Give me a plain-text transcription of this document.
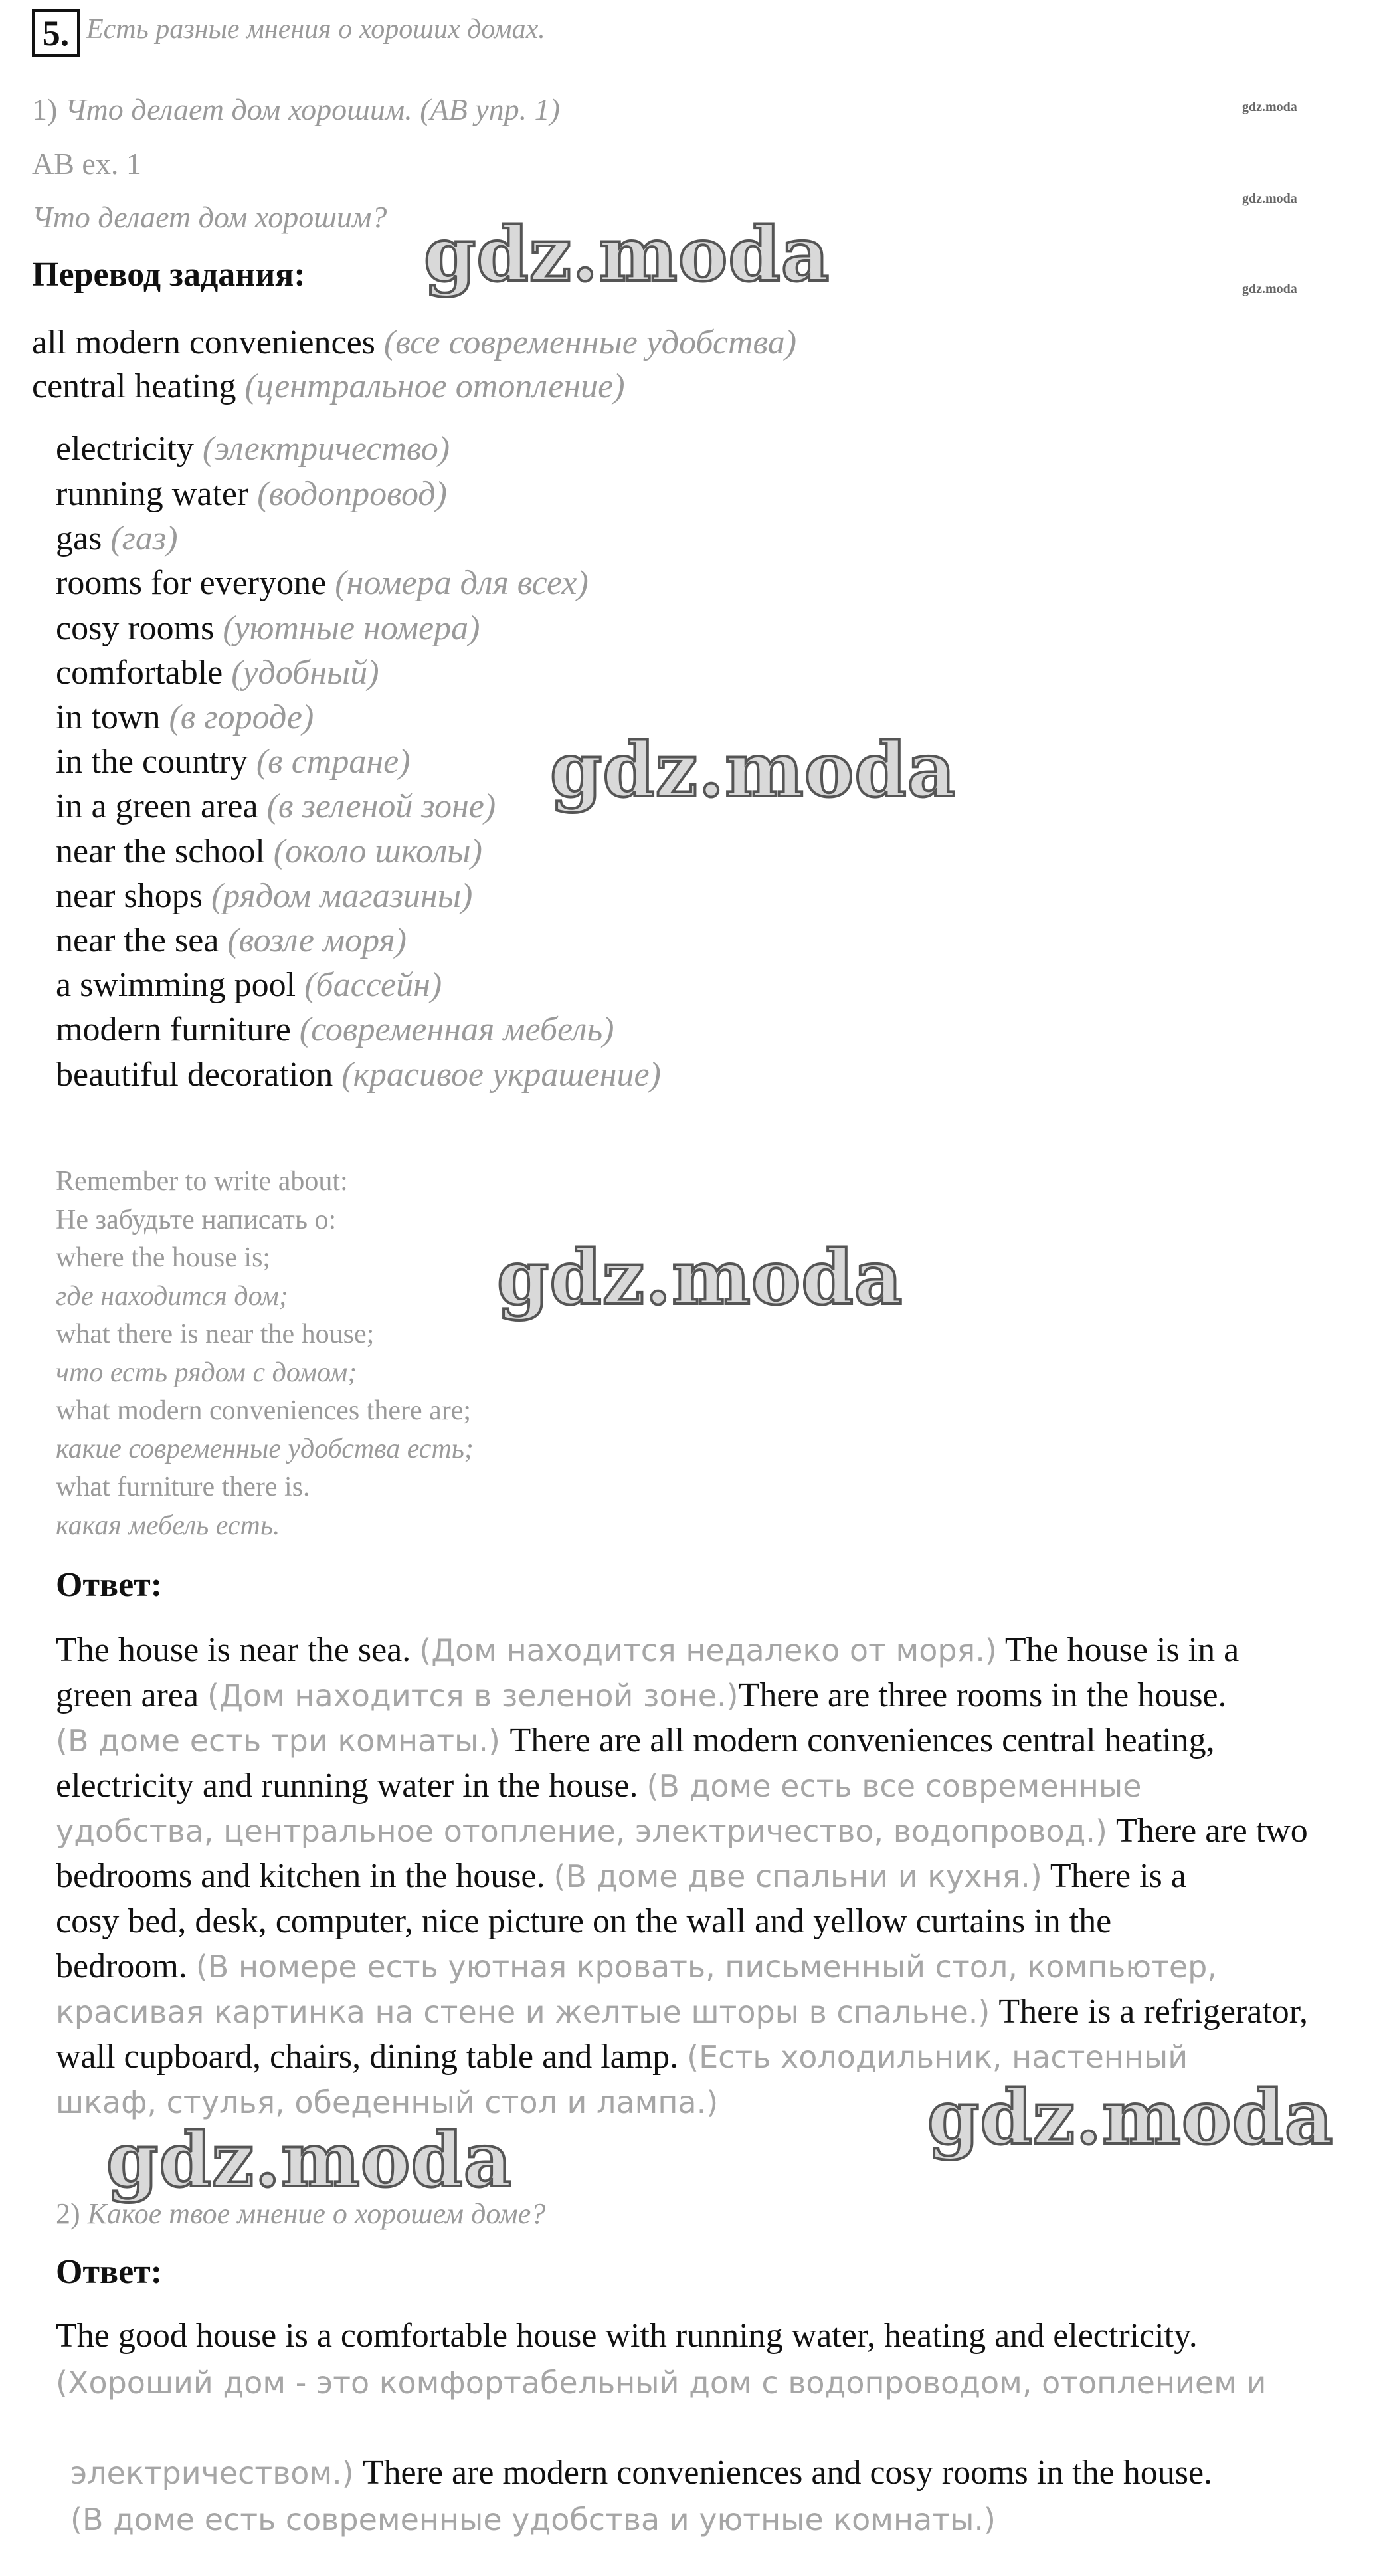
5. Есть разные мнения о хороших домах.
1) Что делает дом хорошим. (AB упр. 1)
AB ex. 1
Что делает дом хорошим?
Перевод задания:
all modern conveniences (все современные удобства)
central heating (центральное отопление)
electricity (электричество)
running water (водопровод)
gas (газ)
rooms for everyone (номера для всех)
cosy rooms (уютные номера)
comfortable (удобный)
in town (в городе)
in the country (в стране)
in a green area (в зеленой зоне)
near the school (около школы)
near shops (рядом магазины)
near the sea (возле моря)
a swimming pool (бассейн)
modern furniture (современная мебель)
beautiful decoration (красивое украшение)
Remember to write about:
Не забудьте написать о:
where the house is;
где находится дом;
what there is near the house;
что есть рядом с домом;
what modern conveniences there are;
какие современные удобства есть;
what furniture there is.
какая мебель есть.
Ответ:
The house is near the sea. (Дом находится недалеко от моря.) The house is in a
green area (Дом находится в зеленой зоне.)There are three rooms in the house.
(В доме есть три комнаты.) There are all modern conveniences central heating,
electricity and running water in the house. (В доме есть все современные
удобства, центральное отопление, электричество, водопровод.) There are two
bedrooms and kitchen in the house. (В доме две спальни и кухня.) There is a
cosy bed, desk, computer, nice picture on the wall and yellow curtains in the
bedroom. (В номере есть уютная кровать, письменный стол, компьютер,
красивая картинка на стене и желтые шторы в спальне.) There is a refrigerator,
wall cupboard, chairs, dining table and lamp. (Есть холодильник, настенный
шкаф, стулья, обеденный стол и лампа.)
2) Какое твое мнение о хорошем доме?
Ответ:
The good house is a comfortable house with running water, heating and electricity.
(Хороший дом - это комфортабельный дом с водопроводом, отоплением и
электричеством.) There are modern conveniences and cosy rooms in the house.
(В доме есть современные удобства и уютные комнаты.)
gdz.moda
gdz.moda
gdz.moda
gdz.moda
gdz.moda
gdz.moda
gdz.moda
gdz.moda
